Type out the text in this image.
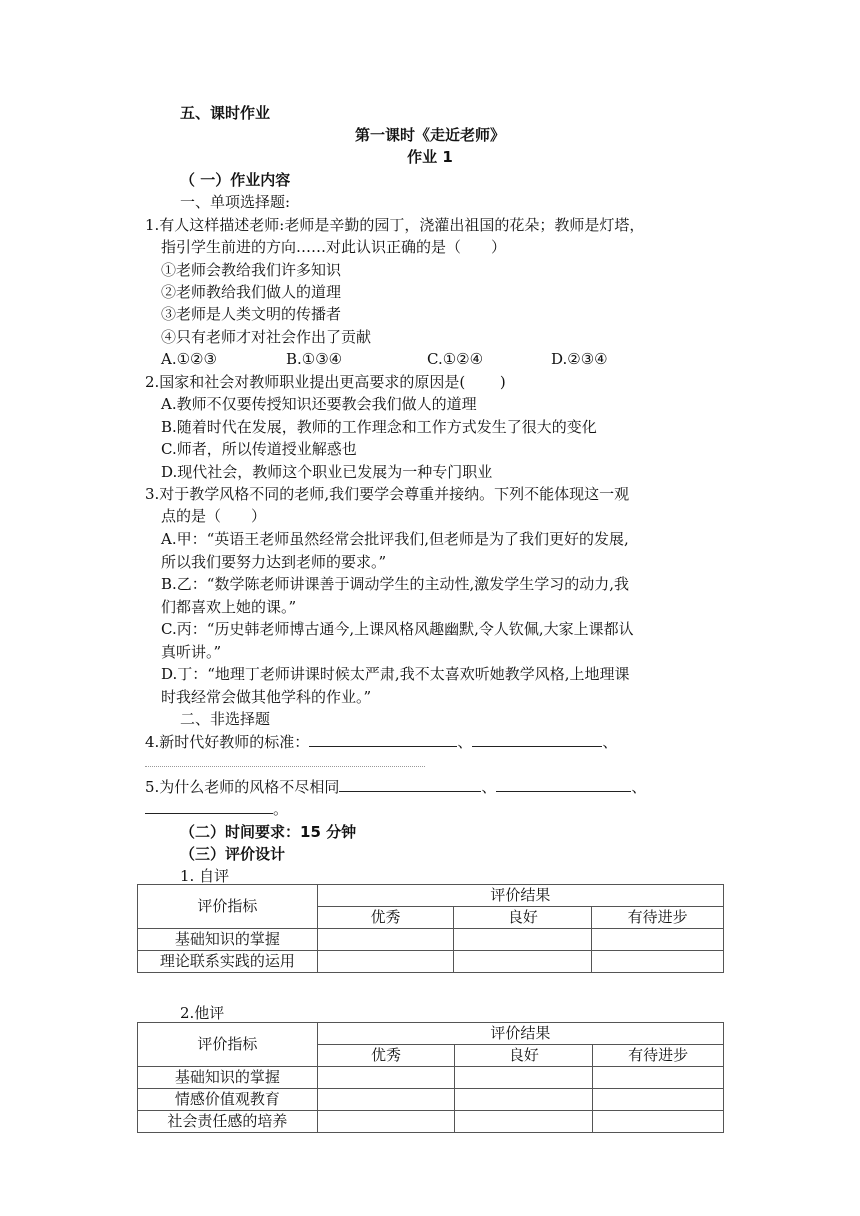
五、课时作业
第一课时《走近老师》
作业 1
（ 一）作业内容
一、单项选择题:
1.有人这样描述老师:老师是辛勤的园丁，浇灌出祖国的花朵；教师是灯塔，
指引学生前进的方向……对此认识正确的是（　　）
①老师会教给我们许多知识
②老师教给我们做人的道理
③老师是人类文明的传播者
④只有老师才对社会作出了贡献
A.①②③	B.①③④	C.①②④	D.②③④
2.国家和社会对教师职业提出更高要求的原因是(　　 )
A.教师不仅要传授知识还要教会我们做人的道理
B.随着时代在发展，教师的工作理念和工作方式发生了很大的变化
C.师者，所以传道授业解惑也
D.现代社会，教师这个职业已发展为一种专门职业
3.对于教学风格不同的老师,我们要学会尊重并接纳。下列不能体现这一观
点的是（　　）
A.甲：“英语王老师虽然经常会批评我们,但老师是为了我们更好的发展,
所以我们要努力达到老师的要求。”
B.乙：“数学陈老师讲课善于调动学生的主动性,激发学生学习的动力,我
们都喜欢上她的课。”
C.丙：“历史韩老师博古通今,上课风格风趣幽默,令人钦佩,大家上课都认
真听讲。”
D.丁：“地理丁老师讲课时候太严肃,我不太喜欢听她教学风格,上地理课
时我经常会做其他学科的作业。”
二、非选择题
4.新时代好教师的标准：	、	、
5.为什么老师的风格不尽相同	、	、
。
（二）时间要求：15 分钟
（三）评价设计
1. 自评
评价指标	评价结果		
	优秀	良好	有待进步
基础知识的掌握			
理论联系实践的运用			
2.他评
评价指标	评价结果		
	优秀	良好	有待进步
基础知识的掌握			
情感价值观教育			
社会责任感的培养			
